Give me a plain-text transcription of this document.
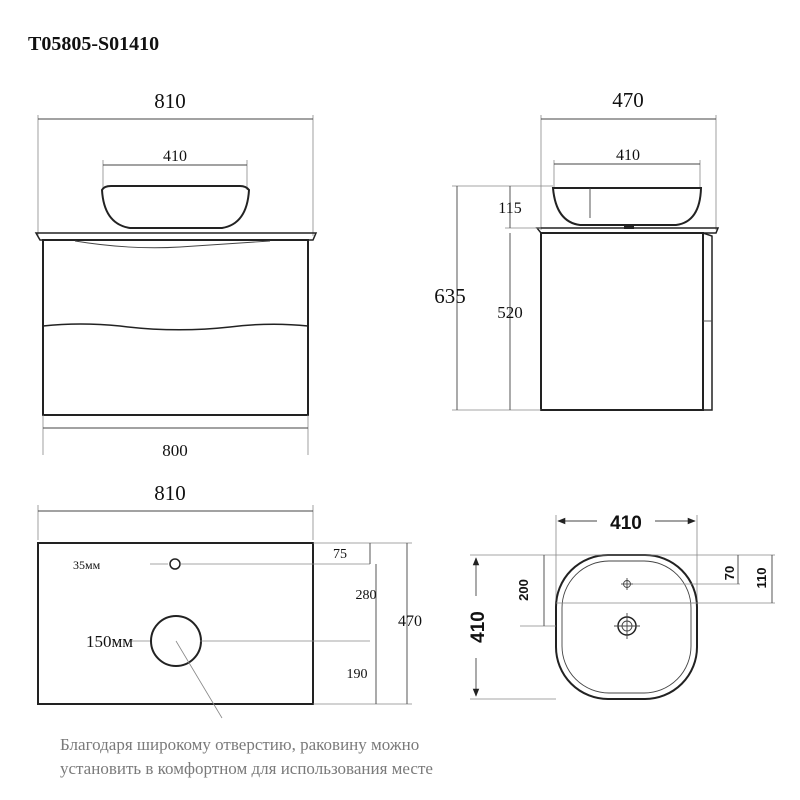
T05805-S01410
810
410
800
470
410
635
115
520
810
35мм
150мм
75
280
190
470
410
410
200
70 110
Благодаря широкому отверстию, раковину можно
установить в комфортном для использования месте
